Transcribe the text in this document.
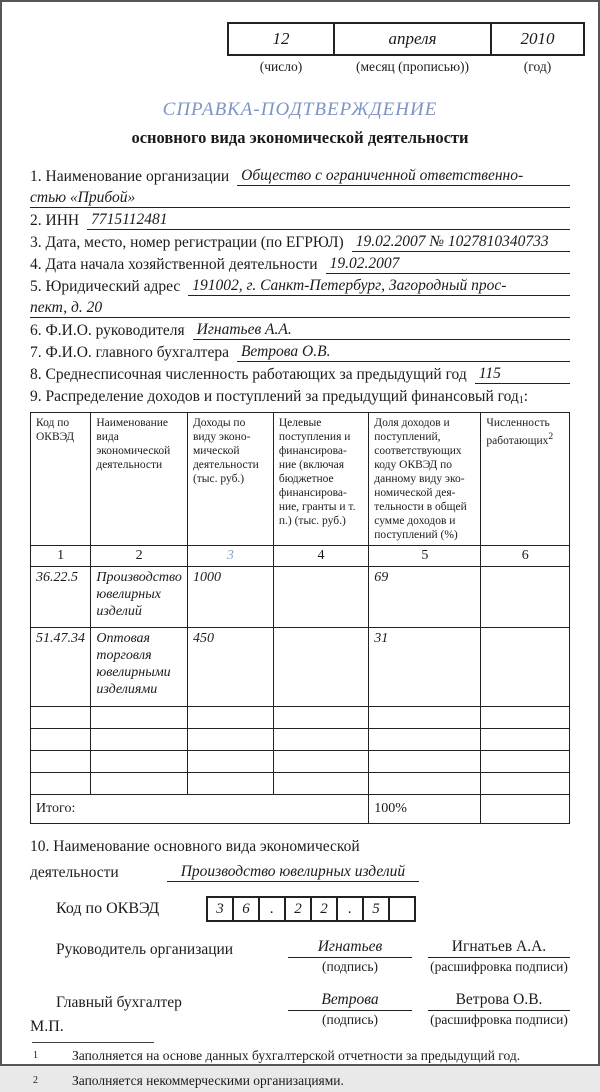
12	апреля	2010
(число)	(месяц (прописью))	(год)
СПРАВКА-ПОДТВЕРЖДЕНИЕ
основного вида экономической деятельности
1. Наименование организации Общество с ограниченной ответственно-
стью «Прибой»
2. ИНН 7715112481
3. Дата, место, номер регистрации (по ЕГРЮЛ) 19.02.2007 № 1027810340733
4. Дата начала хозяйственной деятельности 19.02.2007
5. Юридический адрес 191002, г. Санкт-Петербург, Загородный прос-
пект, д. 20
6. Ф.И.О. руководителя Игнатьев А.А.
7. Ф.И.О. главного бухгалтера Ветрова О.В.
8. Среднесписочная численность работающих за предыдущий год 115
9. Распределение доходов и поступлений за предыдущий финансовый год$_1$ :
Код по ОКВЭД	Наименование вида экономической деятельности	Доходы по виду эконо- мической деятельности (тыс. руб.)	Целевые поступления и финансирова- ние (включая бюджетное финансирова- ние, гранты и т. п.) (тыс. руб.)	Доля доходов и поступлений, соответствующих коду ОКВЭД по данному виду эко- номической дея- тельности в общей сумме доходов и поступлений (%)	Численность работающих$^2$
1	2	3	4	5	6
36.22.5	Производство ювелирных изделий	1000		69	
51.47.34	Оптовая торговля ювелирными изделиями	450		31	

Итого:				100%	
10. Наименование основного вида экономической
деятельности	Производство ювелирных изделий
Код по ОКВЭД	3	6	.	2	2	.	5
Руководитель организации	Игнатьев
(подпись)
Игнатьев А.А.
(расшифровка подписи)
Главный бухгалтер	Ветрова
(подпись)
Ветрова О.В.
(расшифровка подписи)
М.П.
$^1$	Заполняется на основе данных бухгалтерской отчетности за предыдущий год.
$^2$	Заполняется некоммерческими организациями.
